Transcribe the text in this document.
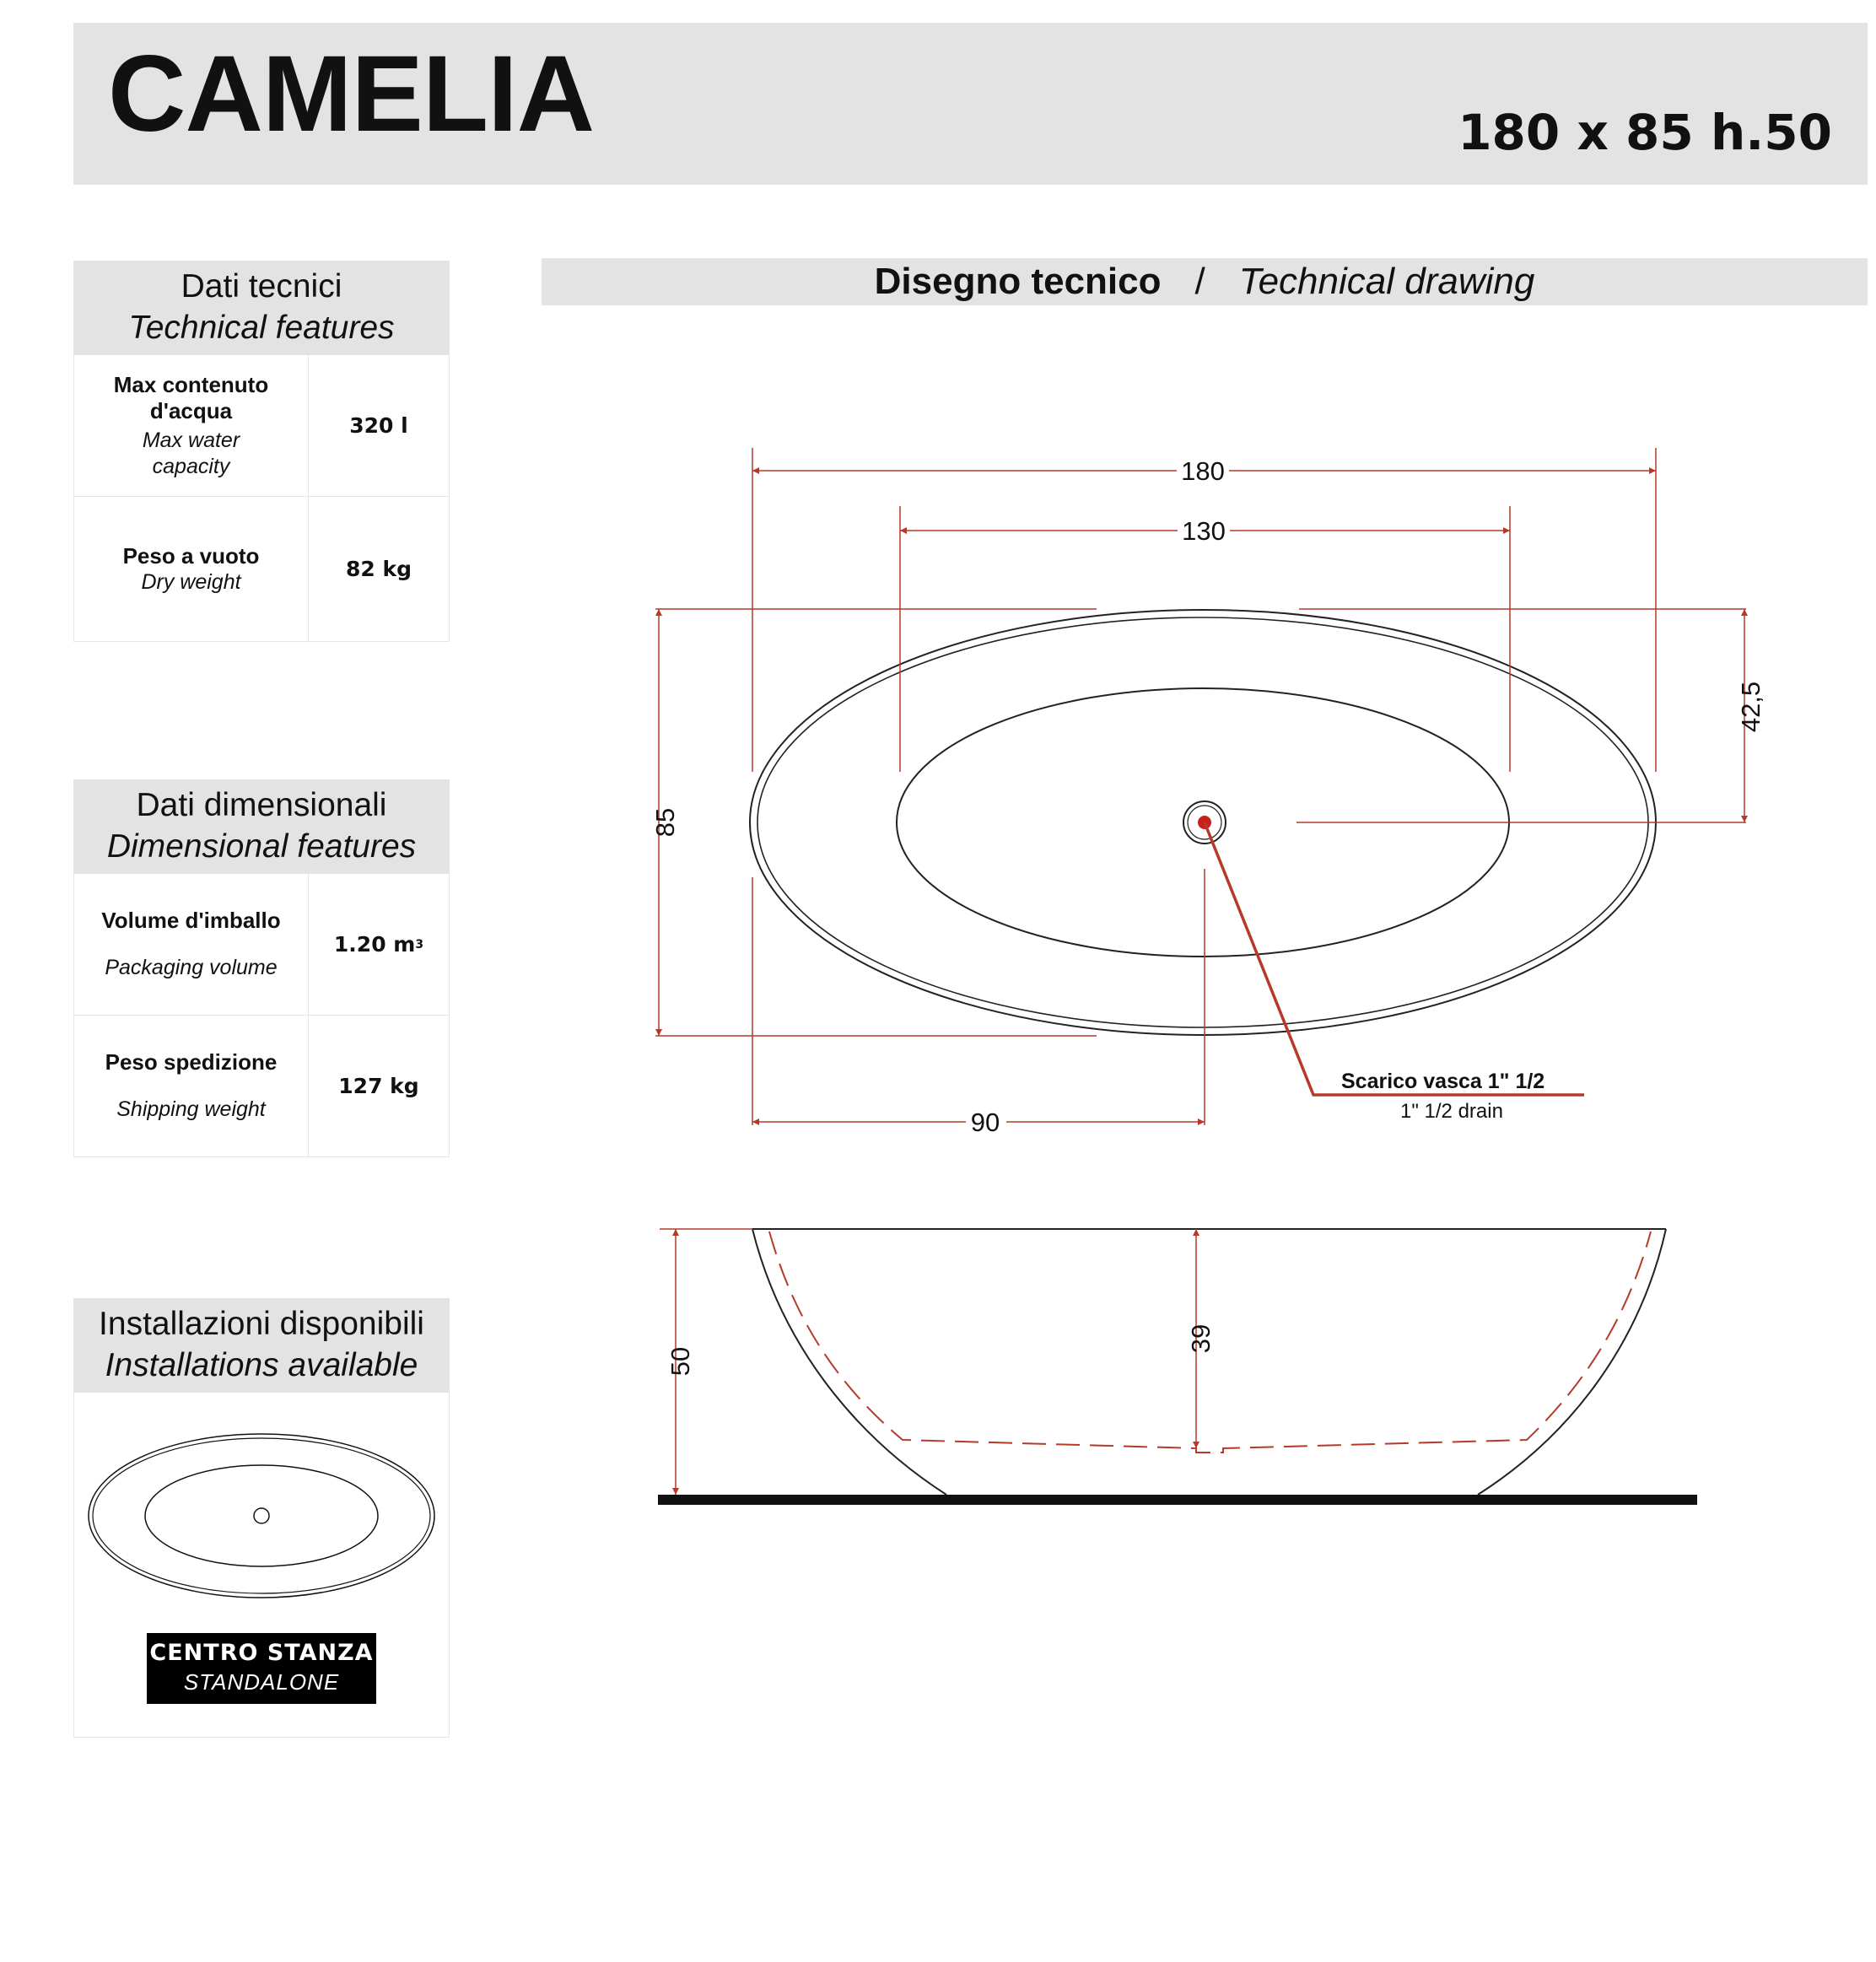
CAMELIA	180 x 85 h.50
Dati tecnici
Technical features
Max contenuto d'acqua
Max water capacity
320 l
Peso a vuoto
Dry weight
82 kg
Dati dimensionali
Dimensional features
Volume d'imballo
Packaging volume
1.20 m 3
Peso spedizione
Shipping weight
127 kg
Installazioni disponibili
Installations available
CENTRO STANZA
STANDALONE
Disegno tecnico / Technical drawing
180
130
85
42,5
90
Scarico vasca 1" 1/2
1" 1/2 drain
50
39
